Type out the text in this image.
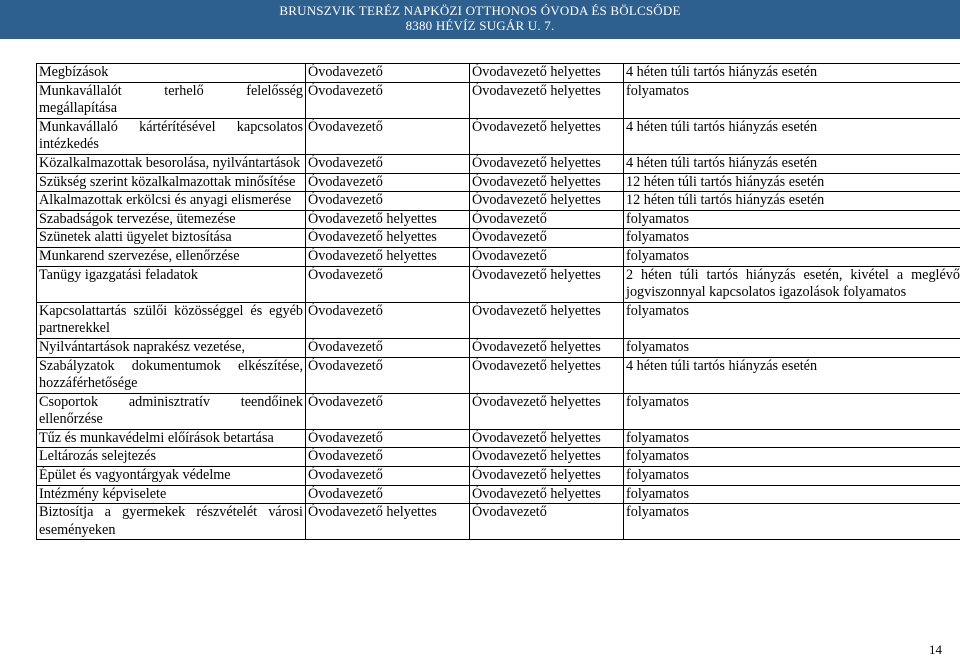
BRUNSZVIK TERÉZ NAPKÖZI OTTHONOS ÓVODA ÉS BÖLCSŐDE
8380 HÉVÍZ SUGÁR U. 7.
Megbízások	Óvodavezető	Óvodavezető helyettes	4 héten túli tartós hiányzás esetén
Munkavállalót terhelő felelősség megállapítása	Óvodavezető	Óvodavezető helyettes	folyamatos
Munkavállaló kártérítésével kapcsolatos intézkedés	Óvodavezető	Óvodavezető helyettes	4 héten túli tartós hiányzás esetén
Közalkalmazottak besorolása, nyilvántartások	Óvodavezető	Óvodavezető helyettes	4 héten túli tartós hiányzás esetén
Szükség szerint közalkalmazottak minősítése	Óvodavezető	Óvodavezető helyettes	12 héten túli tartós hiányzás esetén
Alkalmazottak erkölcsi és anyagi elismerése	Óvodavezető	Óvodavezető helyettes	12 héten túli tartós hiányzás esetén
Szabadságok tervezése, ütemezése	Óvodavezető helyettes	Óvodavezető	folyamatos
Szünetek alatti ügyelet biztosítása	Óvodavezető helyettes	Óvodavezető	folyamatos
Munkarend szervezése, ellenőrzése	Óvodavezető helyettes	Óvodavezető	folyamatos
Tanügy igazgatási feladatok	Óvodavezető	Óvodavezető helyettes	2 héten túli tartós hiányzás esetén, kivétel a meglévő jogviszonnyal kapcsolatos igazolások folyamatos
Kapcsolattartás szülői közösséggel és egyéb partnerekkel	Óvodavezető	Óvodavezető helyettes	folyamatos
Nyilvántartások naprakész vezetése,	Óvodavezető	Óvodavezető helyettes	folyamatos
Szabályzatok dokumentumok elkészítése, hozzáférhetősége	Óvodavezető	Óvodavezető helyettes	4 héten túli tartós hiányzás esetén
Csoportok adminisztratív teendőinek ellenőrzése	Óvodavezető	Óvodavezető helyettes	folyamatos
Tűz és munkavédelmi előírások betartása	Óvodavezető	Óvodavezető helyettes	folyamatos
Leltározás selejtezés	Óvodavezető	Óvodavezető helyettes	folyamatos
Épület és vagyontárgyak védelme	Óvodavezető	Óvodavezető helyettes	folyamatos
Intézmény képviselete	Óvodavezető	Óvodavezető helyettes	folyamatos
Biztosítja a gyermekek részvételét városi eseményeken	Óvodavezető helyettes	Óvodavezető	folyamatos
14
